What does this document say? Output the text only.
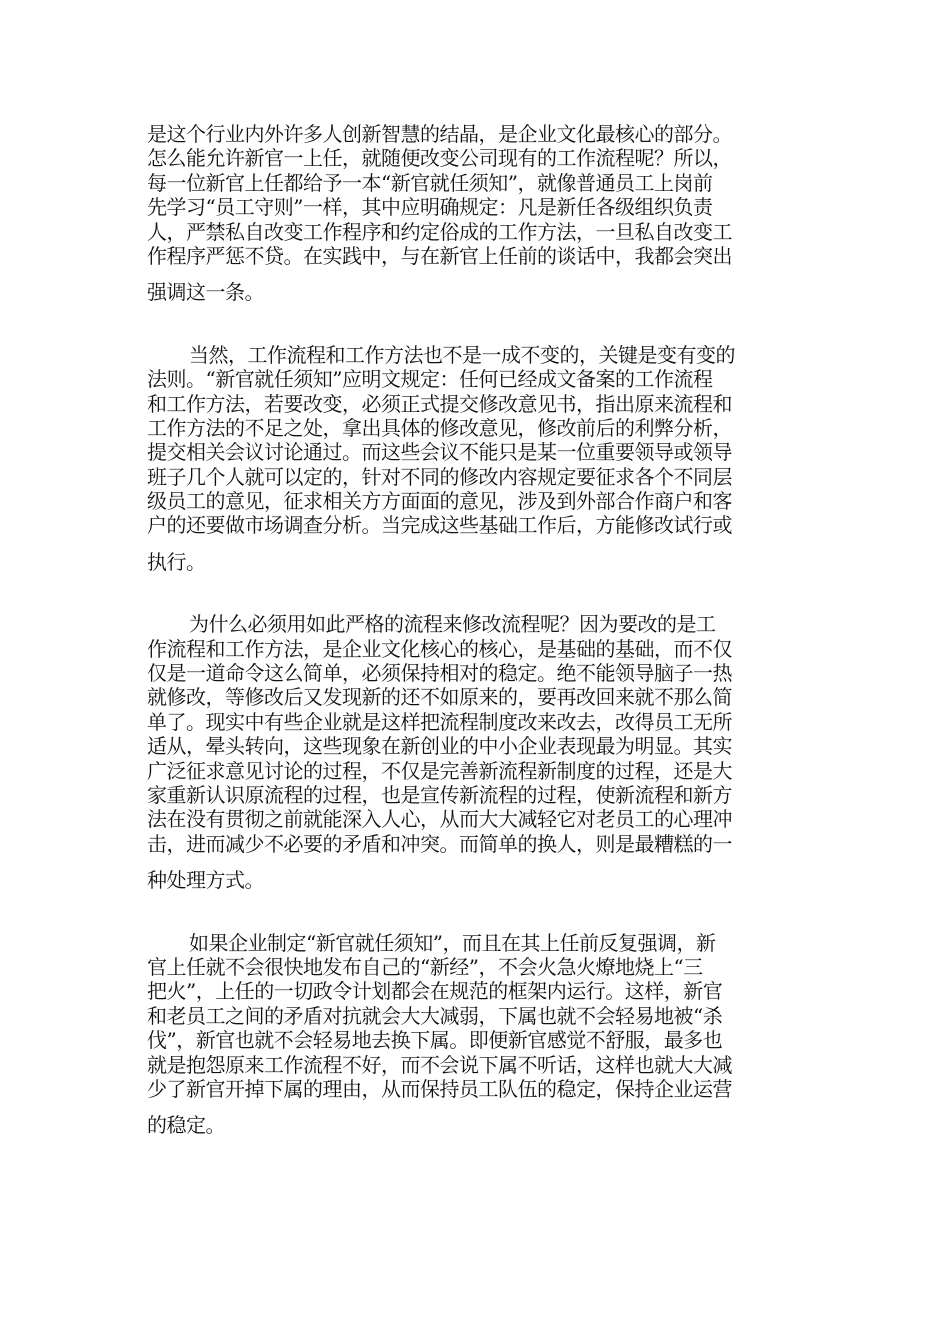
是这个行业内外许多人创新智慧的结晶，是企业文化最核心的部分。
怎么能允许新官一上任，就随便改变公司现有的工作流程呢？所以，
每一位新官上任都给予一本“新官就任须知”，就像普通员工上岗前
先学习“员工守则”一样，其中应明确规定：凡是新任各级组织负责
人，严禁私自改变工作程序和约定俗成的工作方法，一旦私自改变工
作程序严惩不贷。在实践中，与在新官上任前的谈话中，我都会突出
强调这一条。

当然，工作流程和工作方法也不是一成不变的，关键是变有变的
法则。“新官就任须知”应明文规定：任何已经成文备案的工作流程
和工作方法，若要改变，必须正式提交修改意见书，指出原来流程和
工作方法的不足之处，拿出具体的修改意见，修改前后的利弊分析，
提交相关会议讨论通过。而这些会议不能只是某一位重要领导或领导
班子几个人就可以定的，针对不同的修改内容规定要征求各个不同层
级员工的意见，征求相关方方面面的意见，涉及到外部合作商户和客
户的还要做市场调查分析。当完成这些基础工作后，方能修改试行或
执行。

为什么必须用如此严格的流程来修改流程呢？因为要改的是工
作流程和工作方法，是企业文化核心的核心，是基础的基础，而不仅
仅是一道命令这么简单，必须保持相对的稳定。绝不能领导脑子一热
就修改，等修改后又发现新的还不如原来的，要再改回来就不那么简
单了。现实中有些企业就是这样把流程制度改来改去，改得员工无所
适从，晕头转向，这些现象在新创业的中小企业表现最为明显。其实
广泛征求意见讨论的过程，不仅是完善新流程新制度的过程，还是大
家重新认识原流程的过程，也是宣传新流程的过程，使新流程和新方
法在没有贯彻之前就能深入人心，从而大大减轻它对老员工的心理冲
击，进而减少不必要的矛盾和冲突。而简单的换人，则是最糟糕的一
种处理方式。

如果企业制定“新官就任须知”，而且在其上任前反复强调，新
官上任就不会很快地发布自己的“新经”，不会火急火燎地烧上“三
把火”，上任的一切政令计划都会在规范的框架内运行。这样，新官
和老员工之间的矛盾对抗就会大大减弱，下属也就不会轻易地被“杀
伐”，新官也就不会轻易地去换下属。即便新官感觉不舒服，最多也
就是抱怨原来工作流程不好，而不会说下属不听话，这样也就大大减
少了新官开掉下属的理由，从而保持员工队伍的稳定，保持企业运营
的稳定。
